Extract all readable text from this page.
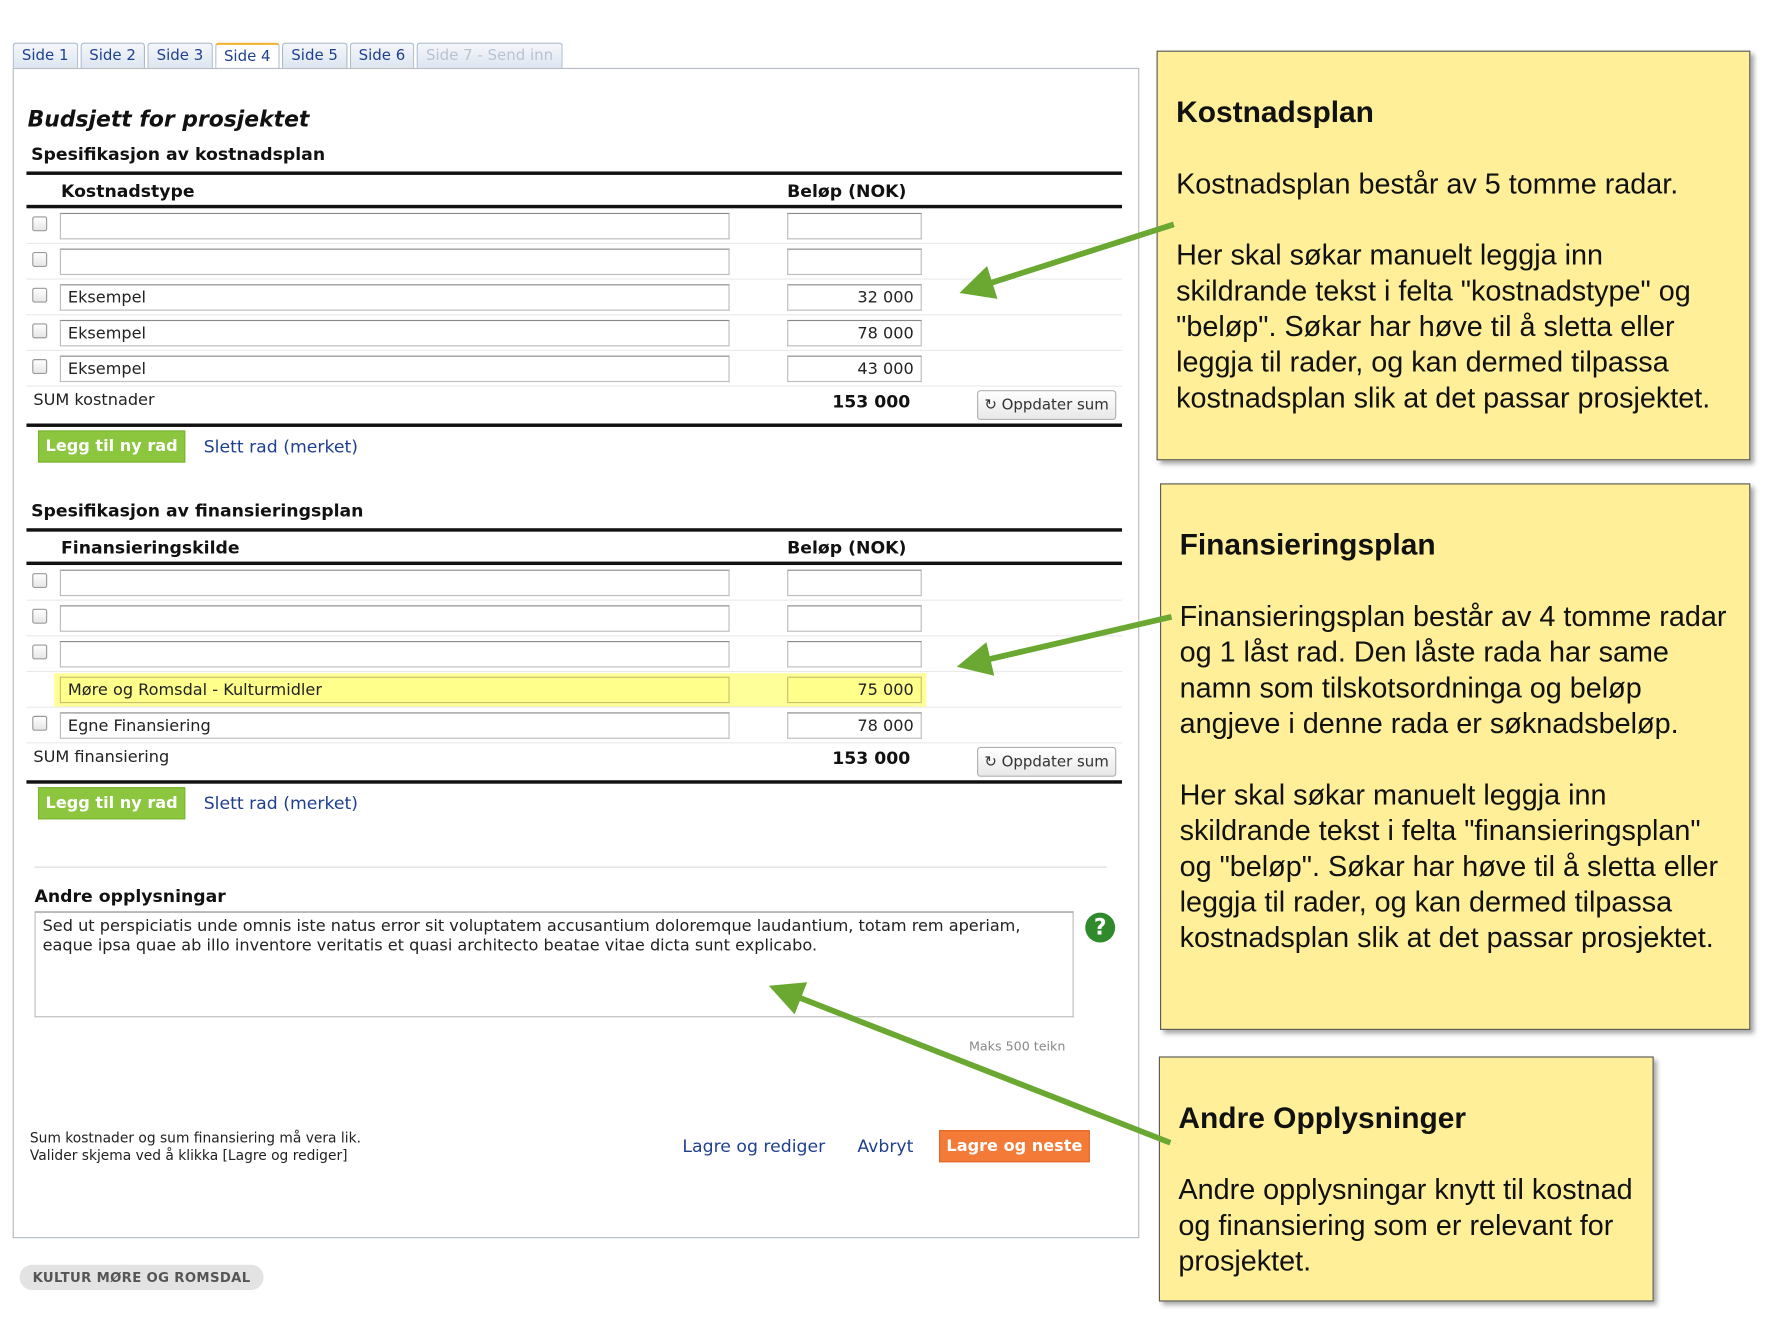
Side 1	Side 2	Side 3	Side 4	Side 5	Side 6	Side 7 - Send inn
Budsjett for prosjektet
Spesifikasjon av kostnadsplan
Kostnadstype	Beløp (NOK)
Eksempel	32 000
Eksempel	78 000
Eksempel	43 000
SUM kostnader	153 000	↻ Oppdater sum
Legg til ny rad	Slett rad (merket)
Spesifikasjon av finansieringsplan
Finansieringskilde	Beløp (NOK)
Møre og Romsdal - Kulturmidler	75 000
Egne Finansiering	78 000
SUM finansiering	153 000	↻ Oppdater sum
Legg til ny rad	Slett rad (merket)
Andre opplysningar
Sed ut perspiciatis unde omnis iste natus error sit voluptatem accusantium doloremque laudantium, totam rem aperiam, eaque ipsa quae ab illo inventore veritatis et quasi architecto beatae vitae dicta sunt explicabo.
?
Maks 500 teikn
Sum kostnader og sum finansiering må vera lik.
Valider skjema ved å klikka [Lagre og rediger]	Lagre og rediger Avbryt	Lagre og neste
KULTUR MØRE OG ROMSDAL
Kostnadsplan

Kostnadsplan består av 5 tomme radar.

Her skal søkar manuelt leggja inn skildrande tekst i felta "kostnadstype" og "beløp". Søkar har høve til å sletta eller leggja til rader, og kan dermed tilpassa kostnadsplan slik at det passar prosjektet.

Finansieringsplan

Finansieringsplan består av 4 tomme radar og 1 låst rad. Den låste rada har same namn som tilskotsordninga og beløp angjeve i denne rada er søknadsbeløp.

Her skal søkar manuelt leggja inn skildrande tekst i felta "finansieringsplan" og "beløp". Søkar har høve til å sletta eller leggja til rader, og kan dermed tilpassa kostnadsplan slik at det passar prosjektet.

Andre Opplysninger

Andre opplysningar knytt til kostnad og finansiering som er relevant for prosjektet.
